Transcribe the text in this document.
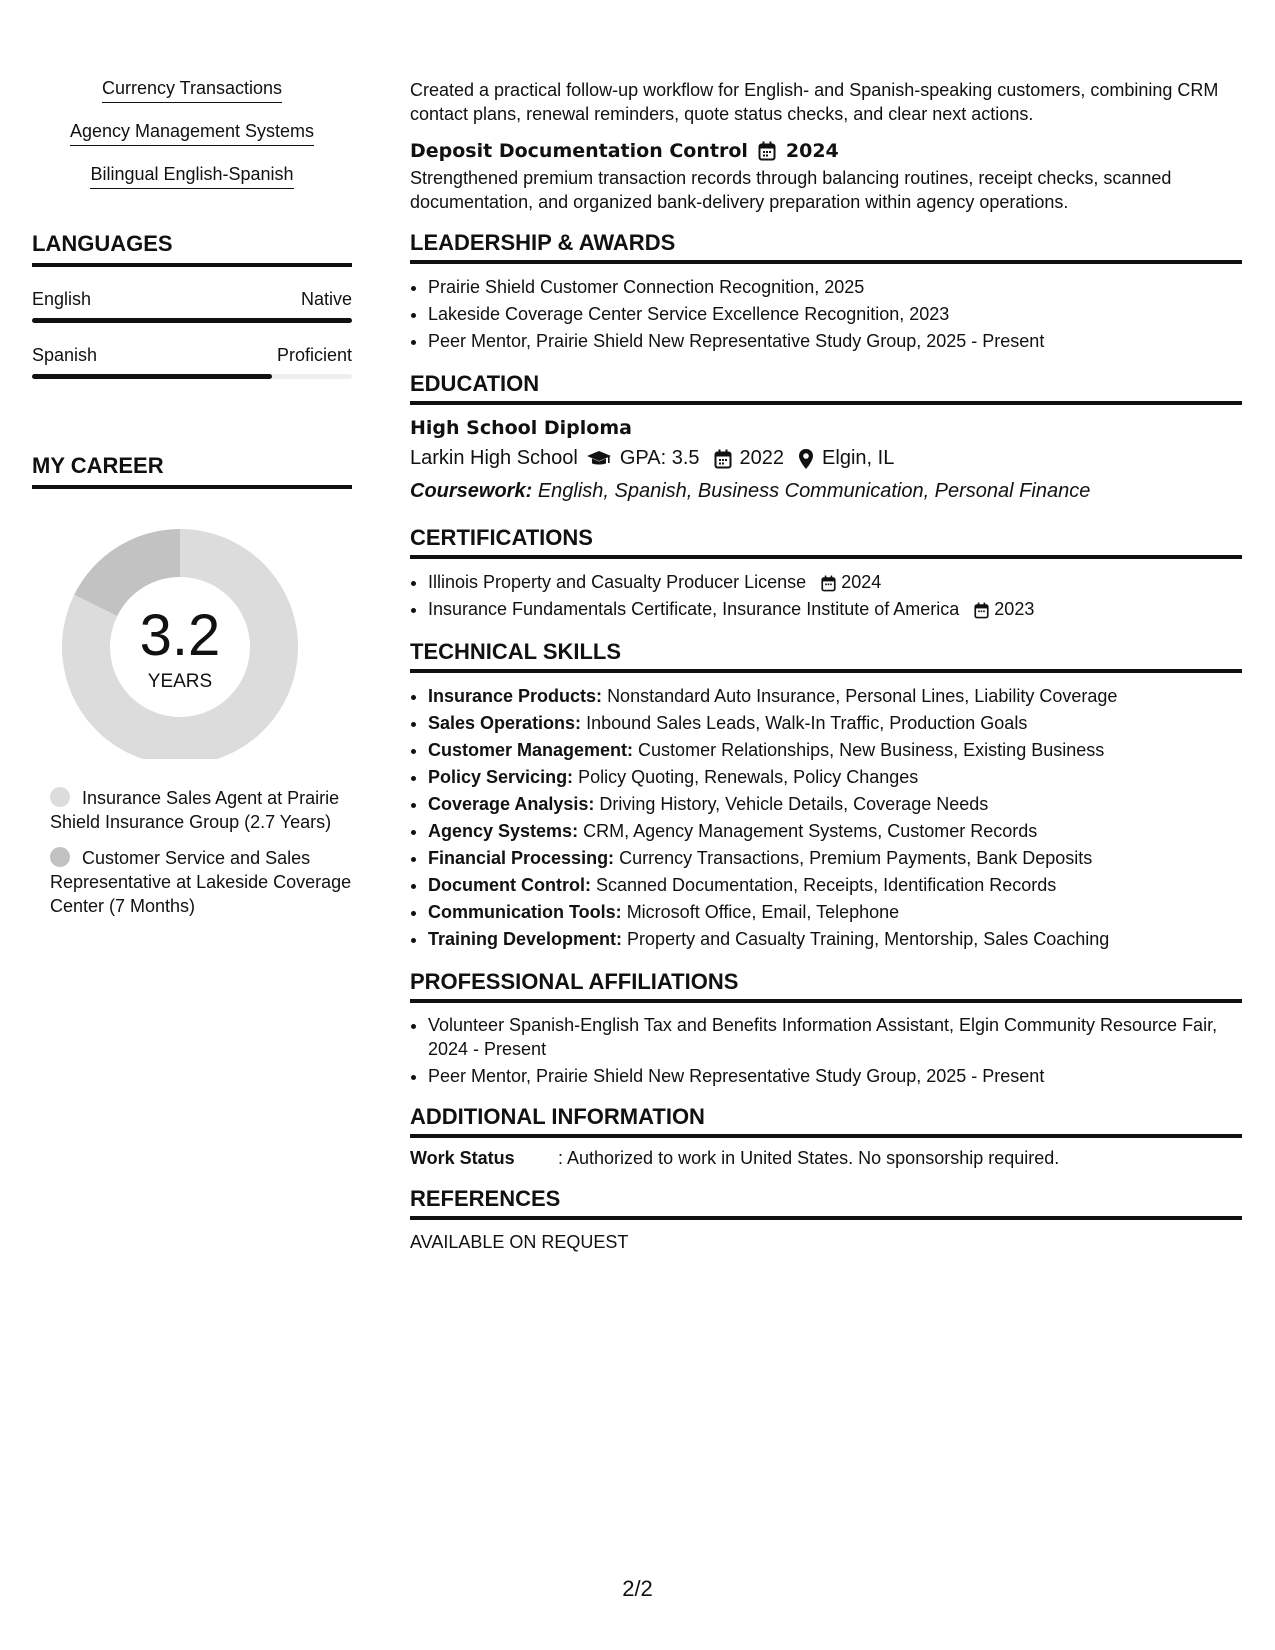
Currency Transactions
Agency Management Systems
Bilingual English-Spanish
LANGUAGES
English	Native
Spanish	Proficient
MY CAREER
3.2
YEARS
Insurance Sales Agent at Prairie Shield Insurance Group (2.7 Years)
Customer Service and Sales Representative at Lakeside Coverage Center (7 Months)
Created a practical follow-up workflow for English- and Spanish-speaking customers, combining CRM contact plans, renewal reminders, quote status checks, and clear next actions.
Deposit Documentation Control 2024
Strengthened premium transaction records through balancing routines, receipt checks, scanned documentation, and organized bank-delivery preparation within agency operations.
LEADERSHIP & AWARDS
• Prairie Shield Customer Connection Recognition, 2025
• Lakeside Coverage Center Service Excellence Recognition, 2023
• Peer Mentor, Prairie Shield New Representative Study Group, 2025 - Present
EDUCATION
High School Diploma
Larkin High School GPA: 3.5 2022 Elgin, IL
Coursework: English, Spanish, Business Communication, Personal Finance
CERTIFICATIONS
• Illinois Property and Casualty Producer License 2024
• Insurance Fundamentals Certificate, Insurance Institute of America 2023
TECHNICAL SKILLS
• Insurance Products: Nonstandard Auto Insurance, Personal Lines, Liability Coverage
• Sales Operations: Inbound Sales Leads, Walk-In Traffic, Production Goals
• Customer Management: Customer Relationships, New Business, Existing Business
• Policy Servicing: Policy Quoting, Renewals, Policy Changes
• Coverage Analysis: Driving History, Vehicle Details, Coverage Needs
• Agency Systems: CRM, Agency Management Systems, Customer Records
• Financial Processing: Currency Transactions, Premium Payments, Bank Deposits
• Document Control: Scanned Documentation, Receipts, Identification Records
• Communication Tools: Microsoft Office, Email, Telephone
• Training Development: Property and Casualty Training, Mentorship, Sales Coaching
PROFESSIONAL AFFILIATIONS
• Volunteer Spanish-English Tax and Benefits Information Assistant, Elgin Community Resource Fair, 2024 - Present
• Peer Mentor, Prairie Shield New Representative Study Group, 2025 - Present
ADDITIONAL INFORMATION
Work Status	: Authorized to work in United States. No sponsorship required.
REFERENCES
AVAILABLE ON REQUEST
2/2
